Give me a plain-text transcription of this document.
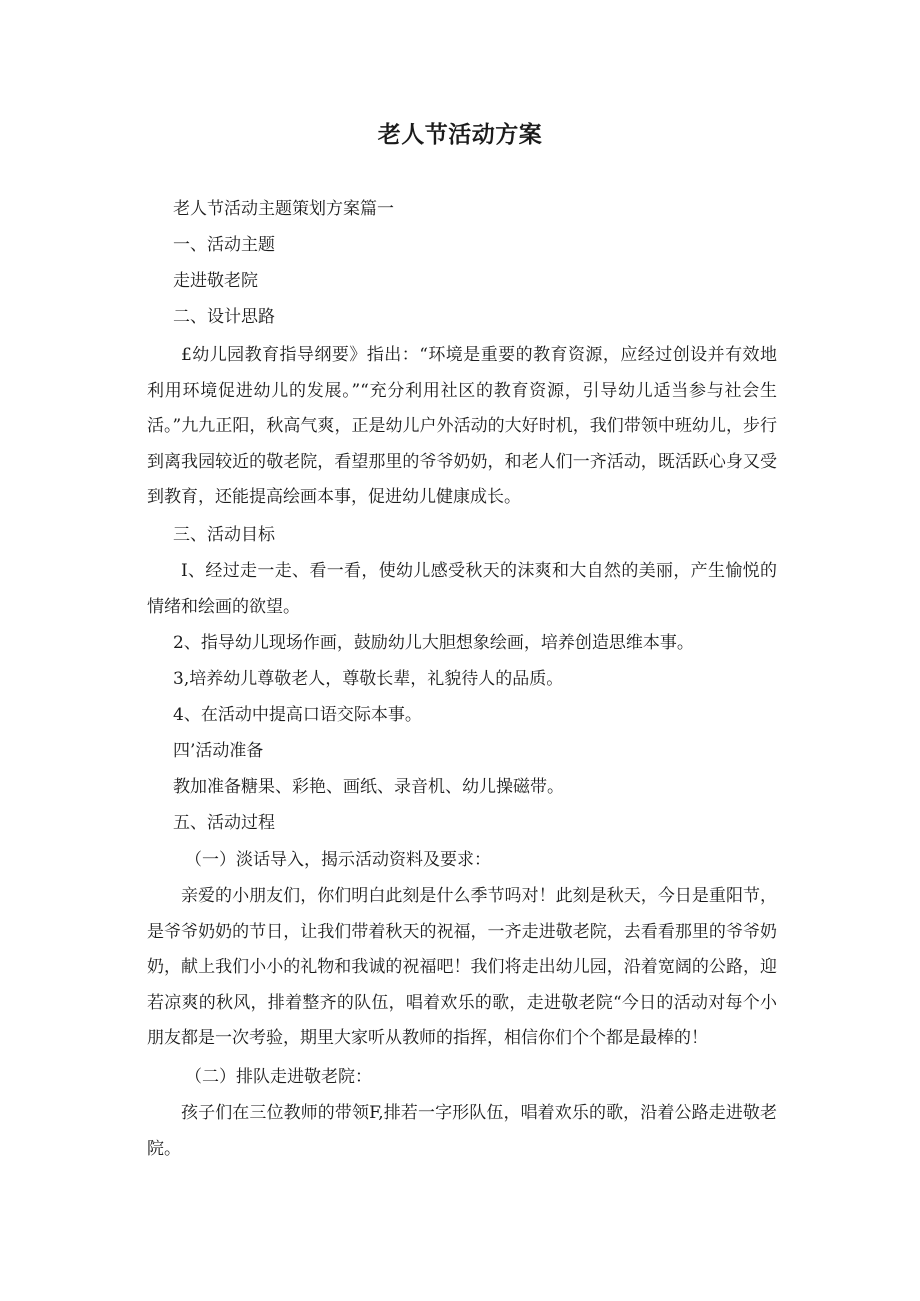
老人节活动方案
老人节活动主题策划方案篇一
一、活动主题
走进敬老院
二、设计思路
£幼儿园教育指导纲要》指出：“环境是重要的教育资源，应经过创设并有效地利用环境促进幼儿的发展。”“充分利用社区的教育资源，引导幼儿适当参与社会生活。”九九正阳，秋高气爽，正是幼儿户外活动的大好时机，我们带领中班幼儿，步行到离我园较近的敬老院，看望那里的爷爷奶奶，和老人们一齐活动，既活跃心身又受到教育，还能提高绘画本事，促进幼儿健康成长。
三、活动目标
I、经过走一走、看一看，使幼儿感受秋天的沫爽和大自然的美丽，产生愉悦的情绪和绘画的欲望。
2、指导幼儿现场作画，鼓励幼儿大胆想象绘画，培养创造思维本事。
3,培养幼儿尊敬老人，尊敬长辈，礼貌待人的品质。
4、在活动中提高口语交际本事。
四’活动准备
教加准备糖果、彩艳、画纸、录音机、幼儿操磁带。
五、活动过程
（一）淡话导入，揭示活动资料及要求：
亲爱的小朋友们，你们明白此刻是什么季节吗对！此刻是秋天，今日是重阳节，是爷爷奶奶的节日，让我们带着秋天的祝福，一齐走进敬老院，去看看那里的爷爷奶奶，献上我们小小的礼物和我诚的祝福吧！我们将走出幼儿园，沿着宽阔的公路，迎若凉爽的秋风，排着整齐的队伍，唱着欢乐的歌，走进敬老院“今日的活动对每个小朋友都是一次考验，期里大家听从教师的指挥，相信你们个个都是最棒的！
（二）排队走进敬老院：
孩子们在三位教师的带领F,排若一字形队伍，唱着欢乐的歌，沿着公路走进敬老院。
